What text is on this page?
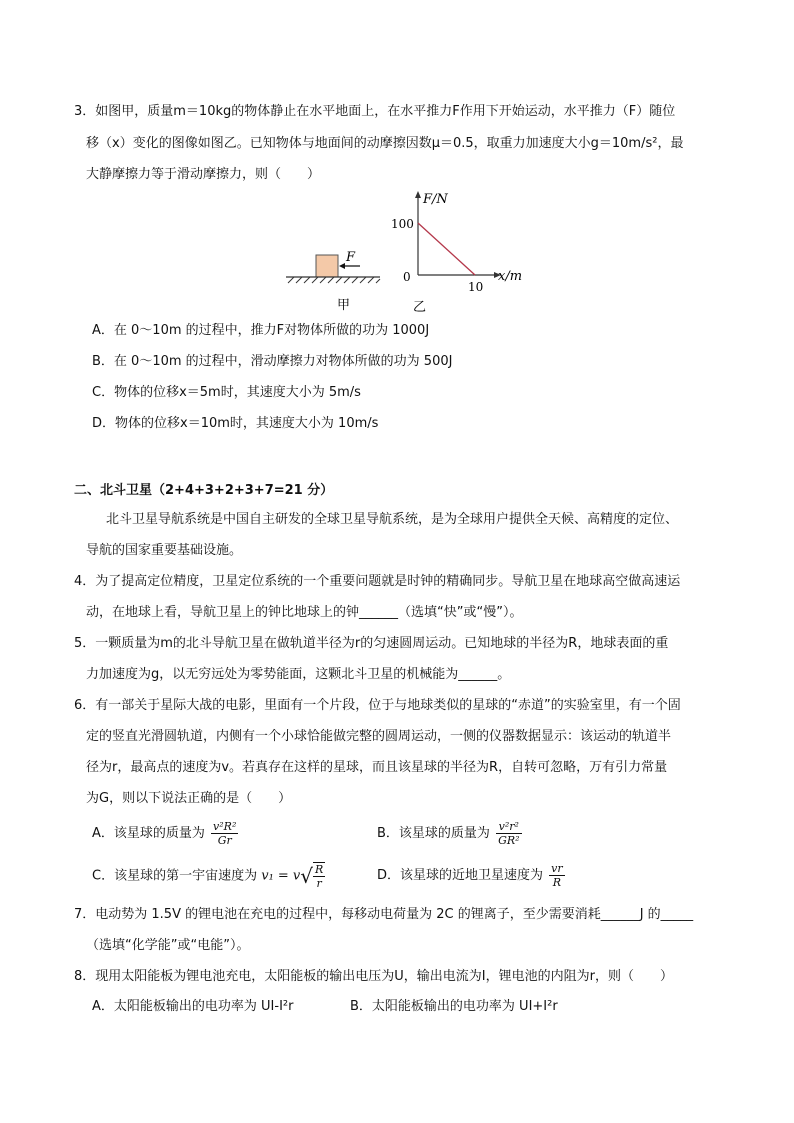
3．如图甲，质量m＝10kg的物体静止在水平地面上，在水平推力F作用下开始运动，水平推力（F）随位
移（x）变化的图像如图乙。已知物体与地面间的动摩擦因数μ＝0.5，取重力加速度大小g＝10m/s²，最
大静摩擦力等于滑动摩擦力，则（　　）
F
甲
F/N
x/m
100
0
10
乙
A．在 0～10m 的过程中，推力F对物体所做的功为 1000J
B．在 0～10m 的过程中，滑动摩擦力对物体所做的功为 500J
C．物体的位移x＝5m时，其速度大小为 5m/s
D．物体的位移x＝10m时，其速度大小为 10m/s
二、北斗卫星（2+4+3+2+3+7=21 分）
北斗卫星导航系统是中国自主研发的全球卫星导航系统，是为全球用户提供全天候、高精度的定位、
导航的国家重要基础设施。
4．为了提高定位精度，卫星定位系统的一个重要问题就是时钟的精确同步。导航卫星在地球高空做高速运
动，在地球上看，导航卫星上的钟比地球上的钟______（选填“快”或“慢”）。
5．一颗质量为m的北斗导航卫星在做轨道半径为r的匀速圆周运动。已知地球的半径为R，地球表面的重
力加速度为g，以无穷远处为零势能面，这颗北斗卫星的机械能为______。
6．有一部关于星际大战的电影，里面有一个片段，位于与地球类似的星球的“赤道”的实验室里，有一个固
定的竖直光滑圆轨道，内侧有一个小球恰能做完整的圆周运动，一侧的仪器数据显示：该运动的轨道半
径为r，最高点的速度为v。若真存在这样的星球，而且该星球的半径为R，自转可忽略，万有引力常量
为G，则以下说法正确的是（　　）
A．该星球的质量为 $\frac{\text{v²R²}}{Gr}$	B．该星球的质量为 $\frac{\text{v²r²}}{\text{GR²}}$
C．该星球的第一宇宙速度为 $v_1 = v√ \frac{R}{r}$	D．该星球的近地卫星速度为 $\frac{vr}{R}$
7．电动势为 1.5V 的锂电池在充电的过程中，每移动电荷量为 2C 的锂离子，至少需要消耗______J 的_____
（选填“化学能”或“电能”）。
8．现用太阳能板为锂电池充电，太阳能板的输出电压为U，输出电流为I，锂电池的内阻为r，则（　　）
A．太阳能板输出的电功率为 UI-I²r	B．太阳能板输出的电功率为 UI+I²r
